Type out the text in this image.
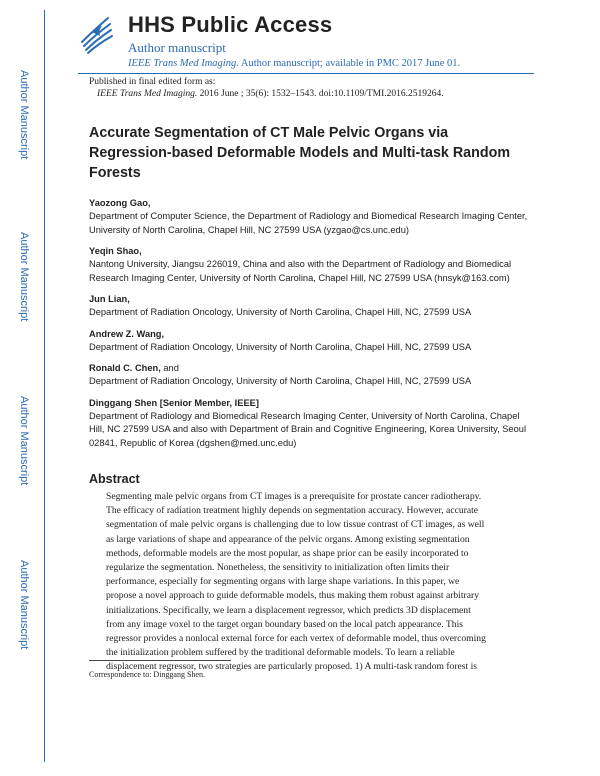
Author Manuscript
Author Manuscript
Author Manuscript
Author Manuscript
HHS Public Access
Author manuscript
IEEE Trans Med Imaging. Author manuscript; available in PMC 2017 June 01.
Published in final edited form as:
IEEE Trans Med Imaging. 2016 June ; 35(6): 1532–1543. doi:10.1109/TMI.2016.2519264.
Accurate Segmentation of CT Male Pelvic Organs via Regression-based Deformable Models and Multi-task Random Forests
Yaozong Gao,
Department of Computer Science, the Department of Radiology and Biomedical Research Imaging Center, University of North Carolina, Chapel Hill, NC 27599 USA (yzgao@cs.unc.edu)
Yeqin Shao,
Nantong University, Jiangsu 226019, China and also with the Department of Radiology and Biomedical Research Imaging Center, University of North Carolina, Chapel Hill, NC 27599 USA (hnsyk@163.com)
Jun Lian,
Department of Radiation Oncology, University of North Carolina, Chapel Hill, NC, 27599 USA
Andrew Z. Wang,
Department of Radiation Oncology, University of North Carolina, Chapel Hill, NC, 27599 USA
Ronald C. Chen, and
Department of Radiation Oncology, University of North Carolina, Chapel Hill, NC, 27599 USA
Dinggang Shen [Senior Member, IEEE]
Department of Radiology and Biomedical Research Imaging Center, University of North Carolina, Chapel Hill, NC 27599 USA and also with Department of Brain and Cognitive Engineering, Korea University, Seoul 02841, Republic of Korea (dgshen@med.unc.edu)
Abstract
Segmenting male pelvic organs from CT images is a prerequisite for prostate cancer radiotherapy.
The efficacy of radiation treatment highly depends on segmentation accuracy. However, accurate
segmentation of male pelvic organs is challenging due to low tissue contrast of CT images, as well
as large variations of shape and appearance of the pelvic organs. Among existing segmentation
methods, deformable models are the most popular, as shape prior can be easily incorporated to
regularize the segmentation. Nonetheless, the sensitivity to initialization often limits their
performance, especially for segmenting organs with large shape variations. In this paper, we
propose a novel approach to guide deformable models, thus making them robust against arbitrary
initializations. Specifically, we learn a displacement regressor, which predicts 3D displacement
from any image voxel to the target organ boundary based on the local patch appearance. This
regressor provides a nonlocal external force for each vertex of deformable model, thus overcoming
the initialization problem suffered by the traditional deformable models. To learn a reliable
displacement regressor, two strategies are particularly proposed. 1) A multi-task random forest is
Correspondence to: Dinggang Shen.
